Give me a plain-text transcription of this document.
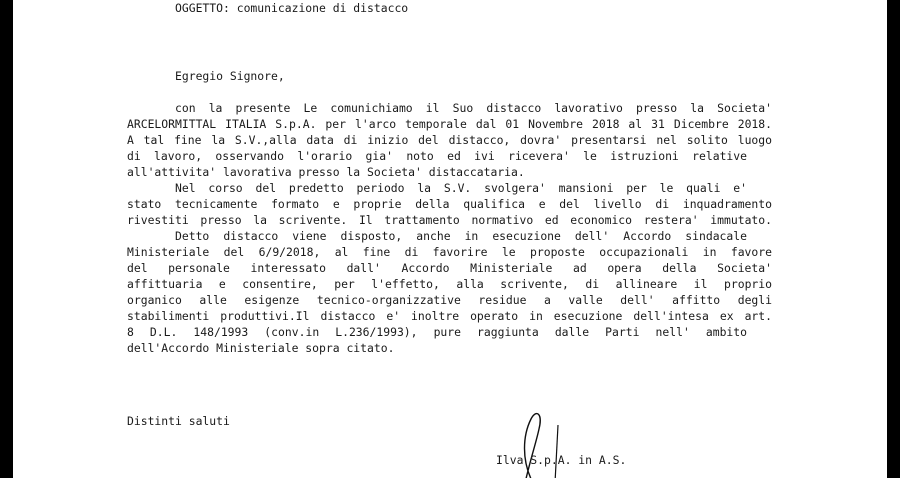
OGGETTO: comunicazione di distacco
Egregio Signore,
con la presente Le comunichiamo il Suo distacco lavorativo presso la Societa'
ARCELORMITTAL ITALIA S.p.A. per l'arco temporale dal 01 Novembre 2018 al 31 Dicembre 2018.
A tal fine la S.V.,alla data di inizio del distacco, dovra' presentarsi nel solito luogo
di lavoro, osservando l'orario gia' noto ed ivi ricevera' le istruzioni relative
all'attivita' lavorativa presso la Societa' distaccataria.
Nel corso del predetto periodo la S.V. svolgera' mansioni per le quali e'
stato tecnicamente formato e proprie della qualifica e del livello di inquadramento
rivestiti presso la scrivente. Il trattamento normativo ed economico restera' immutato.
Detto distacco viene disposto, anche in esecuzione dell' Accordo sindacale
Ministeriale del 6/9/2018, al fine di favorire le proposte occupazionali in favore
del personale interessato dall' Accordo Ministeriale ad opera della Societa'
affittuaria e consentire, per l'effetto, alla scrivente, di allineare il proprio
organico alle esigenze tecnico-organizzative residue a valle dell' affitto degli
stabilimenti produttivi.Il distacco e' inoltre operato in esecuzione dell'intesa ex art.
8 D.L. 148/1993 (conv.in L.236/1993), pure raggiunta dalle Parti nell' ambito
dell'Accordo Ministeriale sopra citato.
Distinti saluti
Ilva S.p.A. in A.S.
